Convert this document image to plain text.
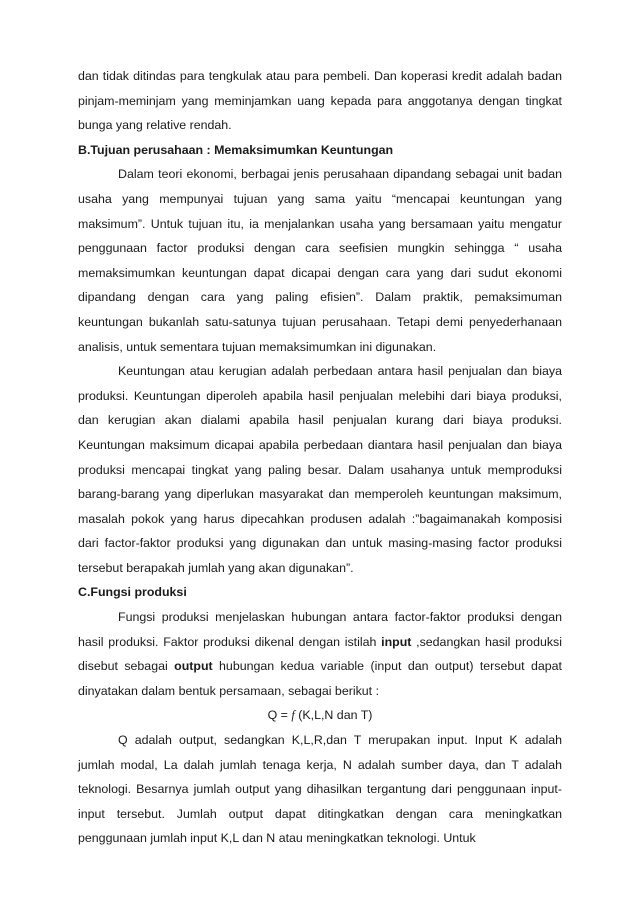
dan tidak ditindas para tengkulak atau para pembeli. Dan koperasi kredit adalah badan pinjam-meminjam yang meminjamkan uang kepada para anggotanya dengan tingkat bunga yang relative rendah.

B.Tujuan perusahaan : Memaksimumkan Keuntungan

Dalam teori ekonomi, berbagai jenis perusahaan dipandang sebagai unit badan usaha yang mempunyai tujuan yang sama yaitu “mencapai keuntungan yang maksimum”. Untuk tujuan itu, ia menjalankan usaha yang bersamaan yaitu mengatur penggunaan factor produksi dengan cara seefisien mungkin sehingga “ usaha memaksimumkan keuntungan dapat dicapai dengan cara yang dari sudut ekonomi dipandang dengan cara yang paling efisien”. Dalam praktik, pemaksimuman keuntungan bukanlah satu-satunya tujuan perusahaan. Tetapi demi penyederhanaan analisis, untuk sementara tujuan memaksimumkan ini digunakan.

Keuntungan atau kerugian adalah perbedaan antara hasil penjualan dan biaya produksi. Keuntungan diperoleh apabila hasil penjualan melebihi dari biaya produksi, dan kerugian akan dialami apabila hasil penjualan kurang dari biaya produksi. Keuntungan maksimum dicapai apabila perbedaan diantara hasil penjualan dan biaya produksi mencapai tingkat yang paling besar. Dalam usahanya untuk memproduksi barang-barang yang diperlukan masyarakat dan memperoleh keuntungan maksimum, masalah pokok yang harus dipecahkan produsen adalah :”bagaimanakah komposisi dari factor-faktor produksi yang digunakan dan untuk masing-masing factor produksi tersebut berapakah jumlah yang akan digunakan”.

C.Fungsi produksi

Fungsi produksi menjelaskan hubungan antara factor-faktor produksi dengan hasil produksi. Faktor produksi dikenal dengan istilah input ,sedangkan hasil produksi disebut sebagai output hubungan kedua variable (input dan output) tersebut dapat dinyatakan dalam bentuk persamaan, sebagai berikut :

Q = f (K,L,N dan T)

Q adalah output, sedangkan K,L,R,dan T merupakan input. Input K adalah jumlah modal, La dalah jumlah tenaga kerja, N adalah sumber daya, dan T adalah teknologi. Besarnya jumlah output yang dihasilkan tergantung dari penggunaan input-input tersebut. Jumlah output dapat ditingkatkan dengan cara meningkatkan penggunaan jumlah input K,L dan N atau meningkatkan teknologi. Untuk
